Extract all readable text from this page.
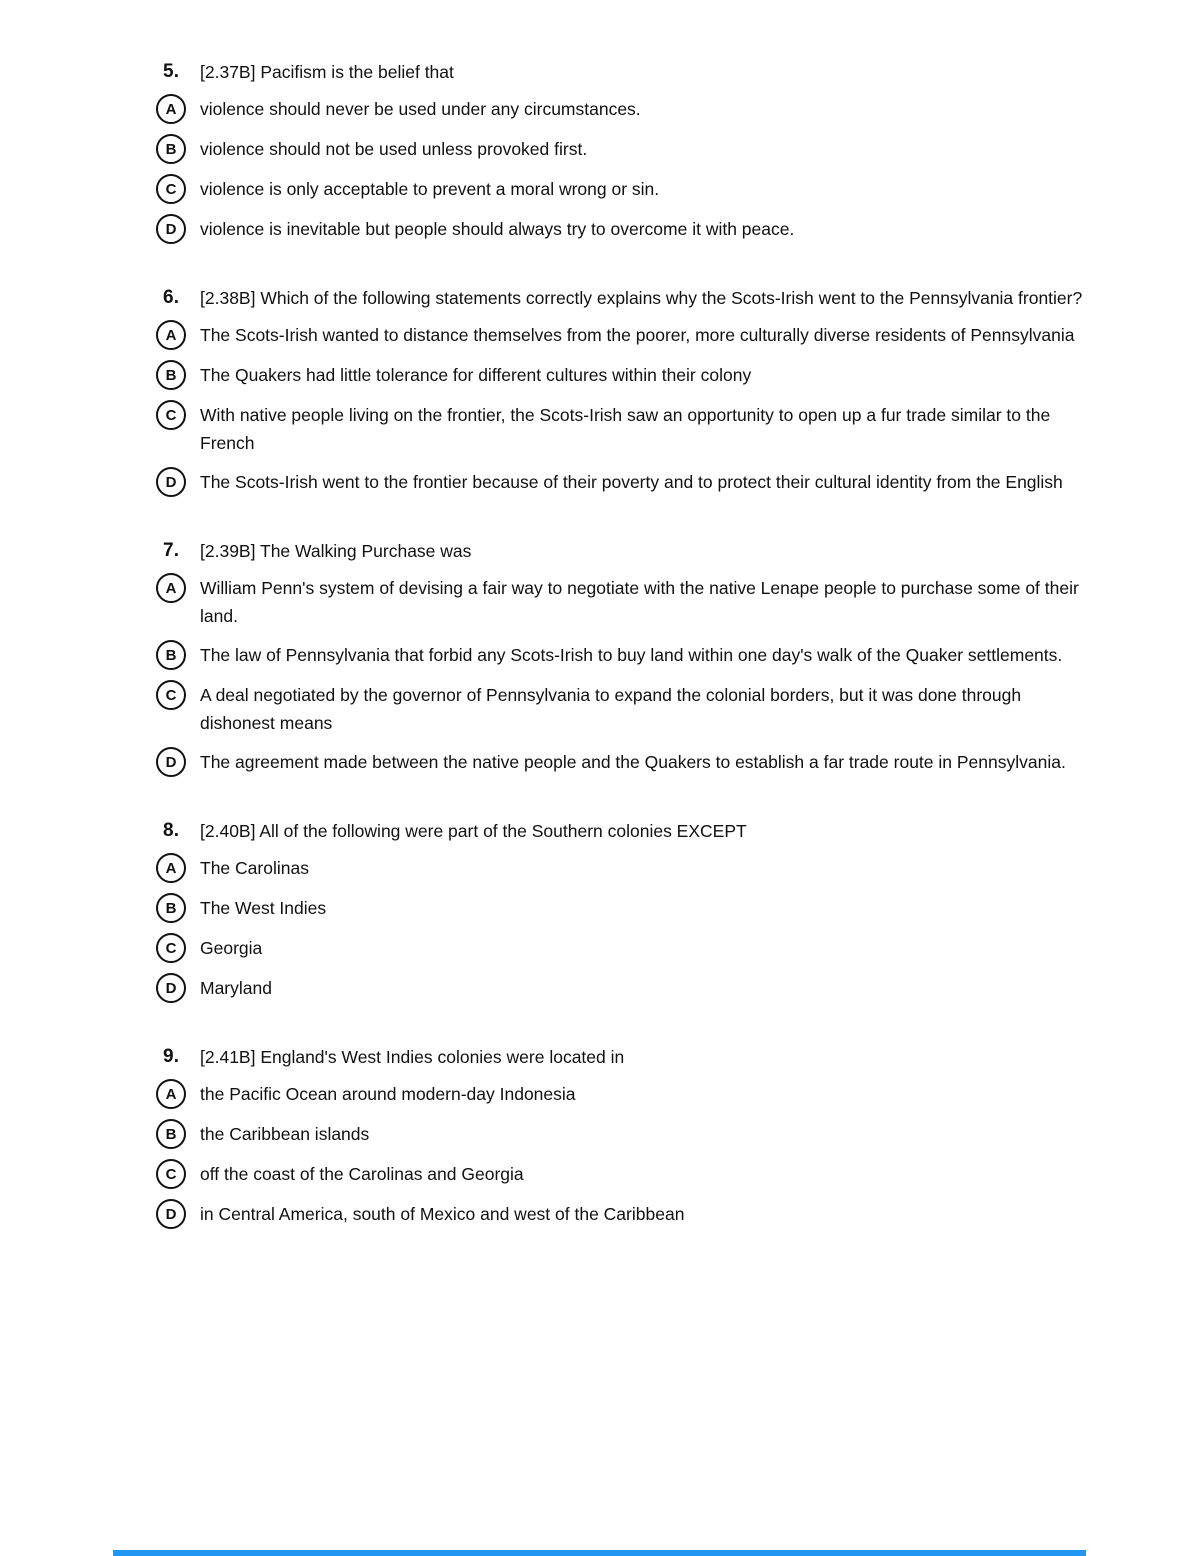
5.	[2.37B] Pacifism is the belief that
A	violence should never be used under any circumstances.
B	violence should not be used unless provoked first.
C	violence is only acceptable to prevent a moral wrong or sin.
D	violence is inevitable but people should always try to overcome it with peace.
6.	[2.38B] Which of the following statements correctly explains why the Scots-Irish went to the Pennsylvania frontier?
A	The Scots-Irish wanted to distance themselves from the poorer, more culturally diverse residents of Pennsylvania
B	The Quakers had little tolerance for different cultures within their colony
C	With native people living on the frontier, the Scots-Irish saw an opportunity to open up a fur trade similar to the French
D	The Scots-Irish went to the frontier because of their poverty and to protect their cultural identity from the English
7.	[2.39B] The Walking Purchase was
A	William Penn's system of devising a fair way to negotiate with the native Lenape people to purchase some of their land.
B	The law of Pennsylvania that forbid any Scots-Irish to buy land within one day's walk of the Quaker settlements.
C	A deal negotiated by the governor of Pennsylvania to expand the colonial borders, but it was done through dishonest means
D	The agreement made between the native people and the Quakers to establish a far trade route in Pennsylvania.
8.	[2.40B] All of the following were part of the Southern colonies EXCEPT
A	The Carolinas
B	The West Indies
C	Georgia
D	Maryland
9.	[2.41B] England's West Indies colonies were located in
A	the Pacific Ocean around modern-day Indonesia
B	the Caribbean islands
C	off the coast of the Carolinas and Georgia
D	in Central America, south of Mexico and west of the Caribbean
